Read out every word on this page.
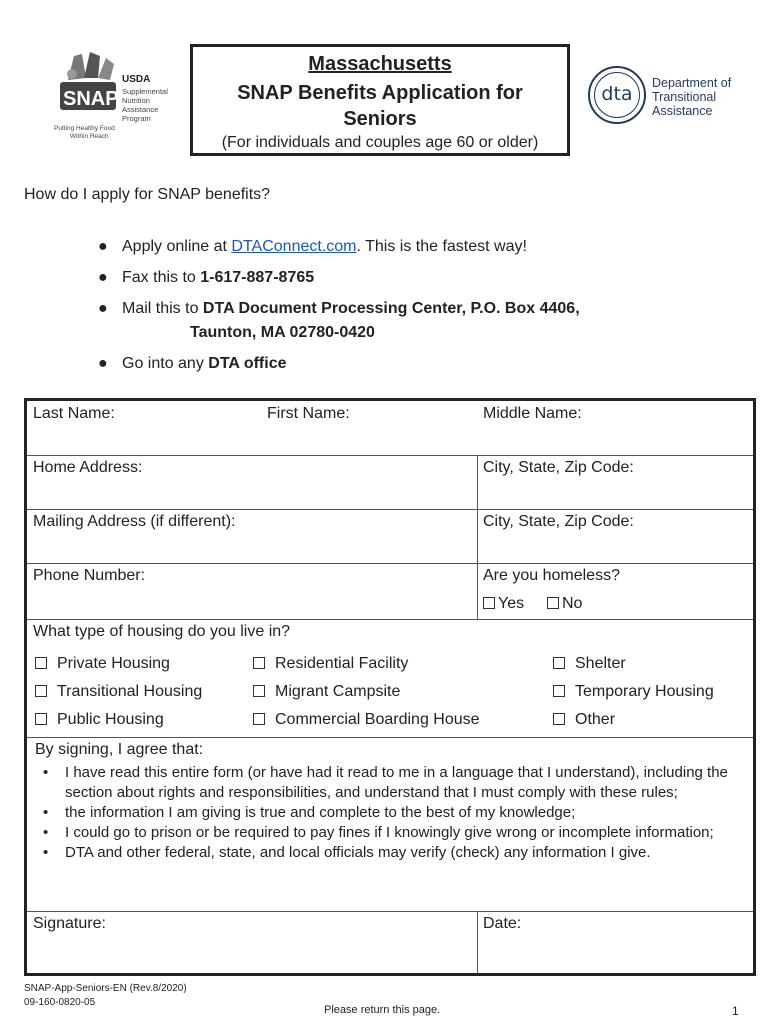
SNAP
USDA
Supplemental
Nutrition
Assistance
Program
Putting Healthy Food
Within Reach
Massachusetts
SNAP Benefits Application for
Seniors
(For individuals and couples age 60 or older)
dta	Department of
Transitional
Assistance
How do I apply for SNAP benefits?
● Apply online at DTAConnect.com. This is the fastest way!
● Fax this to 1-617-887-8765
● Mail this to DTA Document Processing Center, P.O. Box 4406,
Taunton, MA 02780-0420
● Go into any DTA office
Last Name:	First Name:	Middle Name:
Home Address:	City, State, Zip Code:
Mailing Address (if different):	City, State, Zip Code:
Phone Number:	Are you homeless?
Yes	No
What type of housing do you live in?
Private Housing	Residential Facility	Shelter
Transitional Housing	Migrant Campsite	Temporary Housing
Public Housing	Commercial Boarding House	Other
By signing, I agree that:
• I have read this entire form (or have had it read to me in a language that I understand), including the section about rights and responsibilities, and understand that I must comply with these rules;
• the information I am giving is true and complete to the best of my knowledge;
• I could go to prison or be required to pay fines if I knowingly give wrong or incomplete information;
• DTA and other federal, state, and local officials may verify (check) any information I give.
Signature:	Date:
SNAP-App-Seniors-EN (Rev.8/2020)
09-160-0820-05
Please return this page.	1
